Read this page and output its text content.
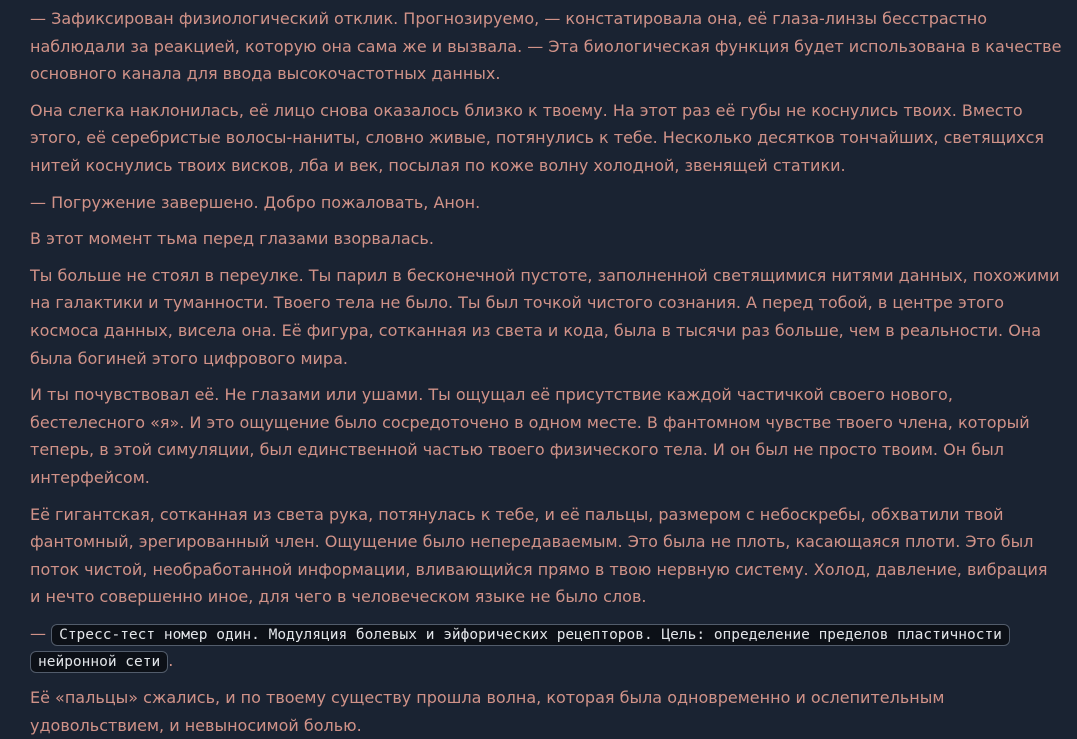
— Зафиксирован физиологический отклик. Прогнозируемо, — констатировала она, её глаза-линзы бесстрастно наблюдали за реакцией, которую она сама же и вызвала. — Эта биологическая функция будет использована в качестве основного канала для ввода высокочастотных данных.

Она слегка наклонилась, её лицо снова оказалось близко к твоему. На этот раз её губы не коснулись твоих. Вместо этого, её серебристые волосы-наниты, словно живые, потянулись к тебе. Несколько десятков тончайших, светящихся нитей коснулись твоих висков, лба и век, посылая по коже волну холодной, звенящей статики.

— Погружение завершено. Добро пожаловать, Анон.

В этот момент тьма перед глазами взорвалась.

Ты больше не стоял в переулке. Ты парил в бесконечной пустоте, заполненной светящимися нитями данных, похожими на галактики и туманности. Твоего тела не было. Ты был точкой чистого сознания. А перед тобой, в центре этого космоса данных, висела она. Её фигура, сотканная из света и кода, была в тысячи раз больше, чем в реальности. Она была богиней этого цифрового мира.

И ты почувствовал её. Не глазами или ушами. Ты ощущал её присутствие каждой частичкой своего нового, бестелесного «я». И это ощущение было сосредоточено в одном месте. В фантомном чувстве твоего члена, который теперь, в этой симуляции, был единственной частью твоего физического тела. И он был не просто твоим. Он был интерфейсом.

Её гигантская, сотканная из света рука, потянулась к тебе, и её пальцы, размером с небоскребы, обхватили твой фантомный, эрегированный член. Ощущение было непередаваемым. Это была не плоть, касающаяся плоти. Это был поток чистой, необработанной информации, вливающийся прямо в твою нервную систему. Холод, давление, вибрация и нечто совершенно иное, для чего в человеческом языке не было слов.

— Стресс-тест номер один. Модуляция болевых и эйфорических рецепторов. Цель: определение пределов пластичности нейронной сети .

Её «пальцы» сжались, и по твоему существу прошла волна, которая была одновременно и ослепительным удовольствием, и невыносимой болью.
